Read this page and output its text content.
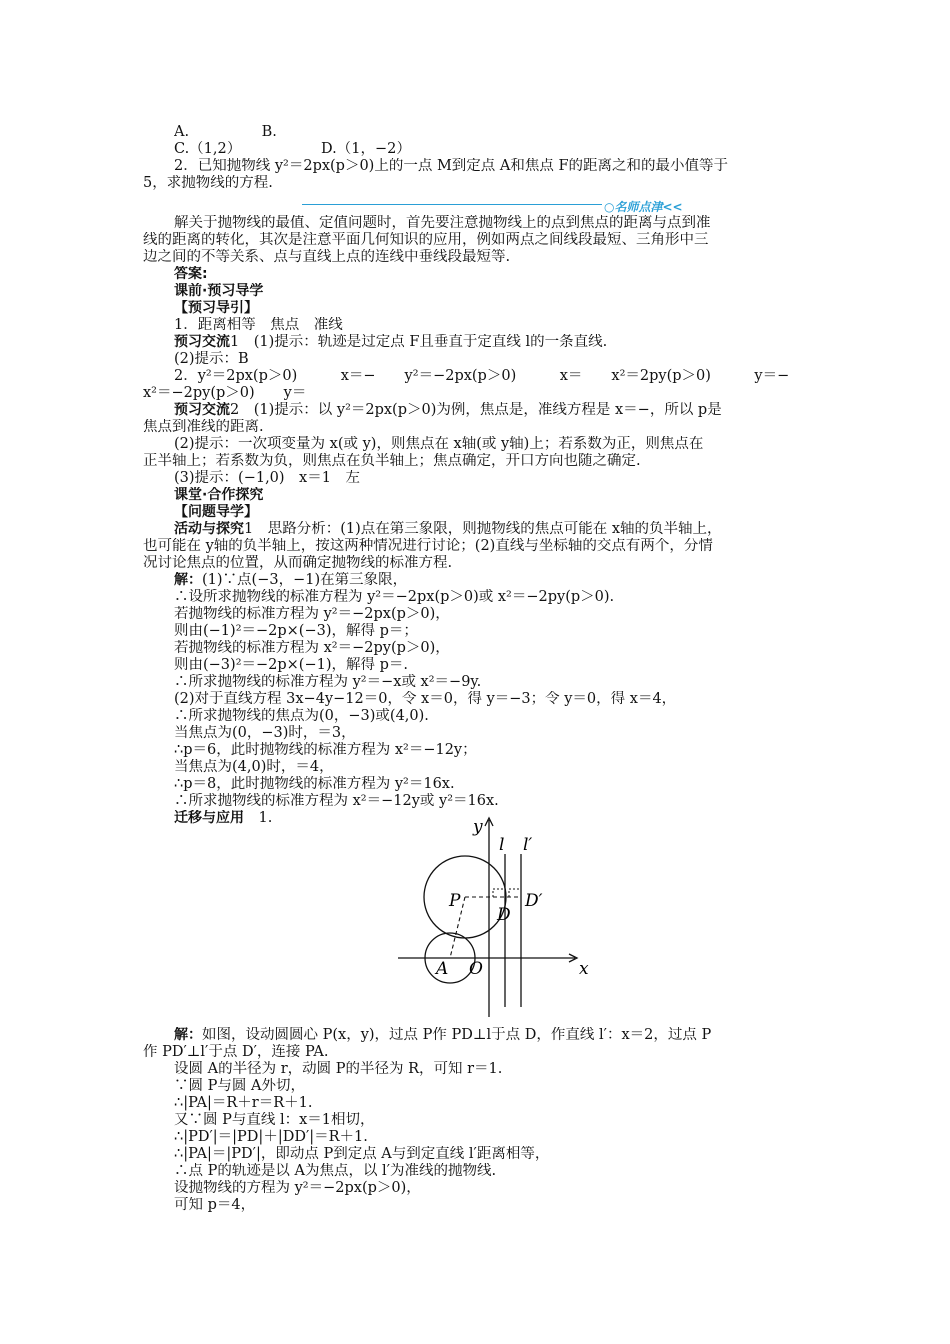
A.　　　　　B.
C.（1,2）　　　　　　D.（1，−2）
2．已知抛物线 y²＝2px(p＞0)上的一点 M到定点 A和焦点 F的距离之和的最小值等于
5，求抛物线的方程.
○名师点津<<
解关于抛物线的最值、定值问题时，首先要注意抛物线上的点到焦点的距离与点到准
线的距离的转化，其次是注意平面几何知识的应用，例如两点之间线段最短、三角形中三
边之间的不等关系、点与直线上点的连线中垂线段最短等.
答案:
课前·预习导学
【预习导引】
1．距离相等　焦点　准线
预习交流1　(1)提示：轨迹是过定点 F且垂直于定直线 l的一条直线.
(2)提示：B
2．y²＝2px(p＞0)　　　x＝−　　y²＝−2px(p＞0)　　　x＝　　x²＝2py(p＞0)　　　y＝−
x²＝−2py(p＞0)　　y＝
预习交流2　(1)提示：以 y²＝2px(p＞0)为例，焦点是，准线方程是 x＝−，所以 p是
焦点到准线的距离.
(2)提示：一次项变量为 x(或 y)，则焦点在 x轴(或 y轴)上；若系数为正，则焦点在
正半轴上；若系数为负，则焦点在负半轴上；焦点确定，开口方向也随之确定.
(3)提示：(−1,0)　x＝1　左
课堂·合作探究
【问题导学】
活动与探究1　思路分析：(1)点在第三象限，则抛物线的焦点可能在 x轴的负半轴上，
也可能在 y轴的负半轴上，按这两种情况进行讨论；(2)直线与坐标轴的交点有两个，分情
况讨论焦点的位置，从而确定抛物线的标准方程.
解：(1)∵点(−3，−1)在第三象限，
∴设所求抛物线的标准方程为 y²＝−2px(p＞0)或 x²＝−2py(p＞0).
若抛物线的标准方程为 y²＝−2px(p＞0)，
则由(−1)²＝−2p×(−3)，解得 p＝；
若抛物线的标准方程为 x²＝−2py(p＞0)，
则由(−3)²＝−2p×(−1)，解得 p＝.
∴所求抛物线的标准方程为 y²＝−x或 x²＝−9y.
(2)对于直线方程 3x−4y−12＝0，令 x＝0，得 y＝−3；令 y＝0，得 x＝4，
∴所求抛物线的焦点为(0，−3)或(4,0).
当焦点为(0，−3)时，＝3，
∴p＝6，此时抛物线的标准方程为 x²＝−12y；
当焦点为(4,0)时，＝4，
∴p＝8，此时抛物线的标准方程为 y²＝16x.
∴所求抛物线的标准方程为 x²＝−12y或 y²＝16x.
迁移与应用　 1.	y
x
l l′
P
D
D′
A O
解：如图，设动圆圆心 P(x，y)，过点 P作 PD⊥l于点 D，作直线 l′：x＝2，过点 P
作 PD′⊥l′于点 D′，连接 PA.
设圆 A的半径为 r，动圆 P的半径为 R，可知 r＝1.
∵圆 P与圆 A外切，
∴|PA|＝R＋r＝R＋1.
又∵圆 P与直线 l：x＝1相切，
∴|PD′|＝|PD|＋|DD′|＝R＋1.
∴|PA|＝|PD′|，即动点 P到定点 A与到定直线 l′距离相等，
∴点 P的轨迹是以 A为焦点，以 l′为准线的抛物线.
设抛物线的方程为 y²＝−2px(p＞0)，
可知 p＝4，
